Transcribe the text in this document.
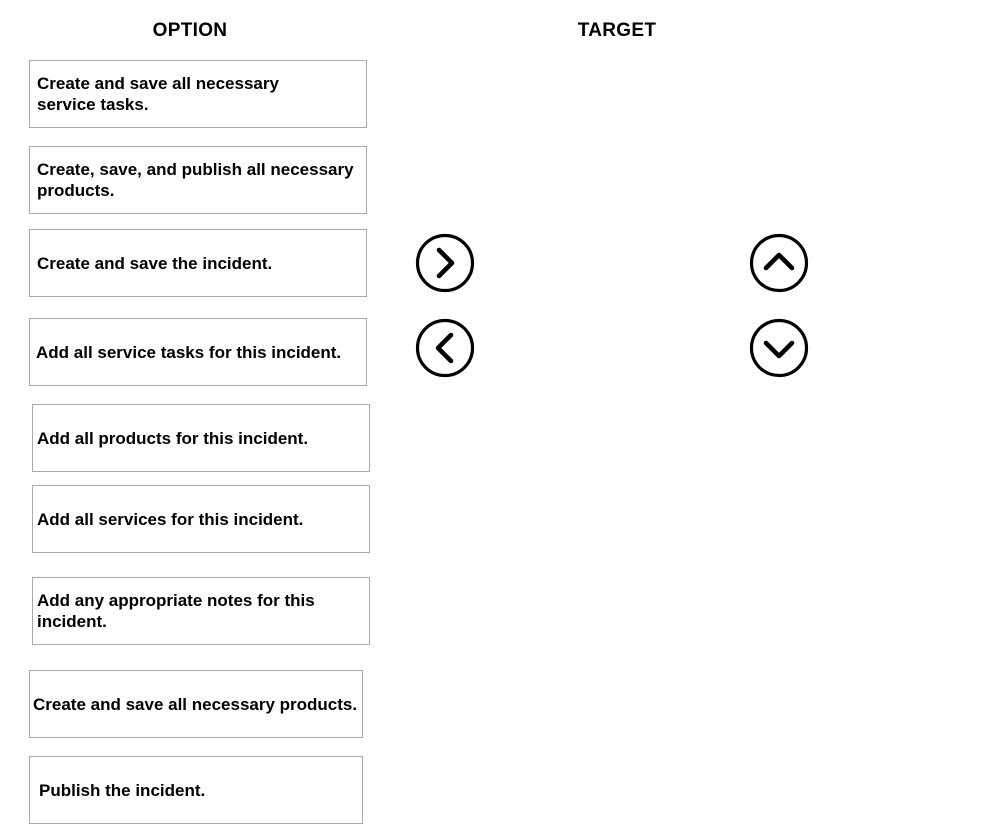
OPTION	TARGET
Create and save all necessary service tasks.
Create, save, and publish all necessary products.
Create and save the incident.
Add all service tasks for this incident.
Add all products for this incident.
Add all services for this incident.
Add any appropriate notes for this incident.
Create and save all necessary products.
Publish the incident.
